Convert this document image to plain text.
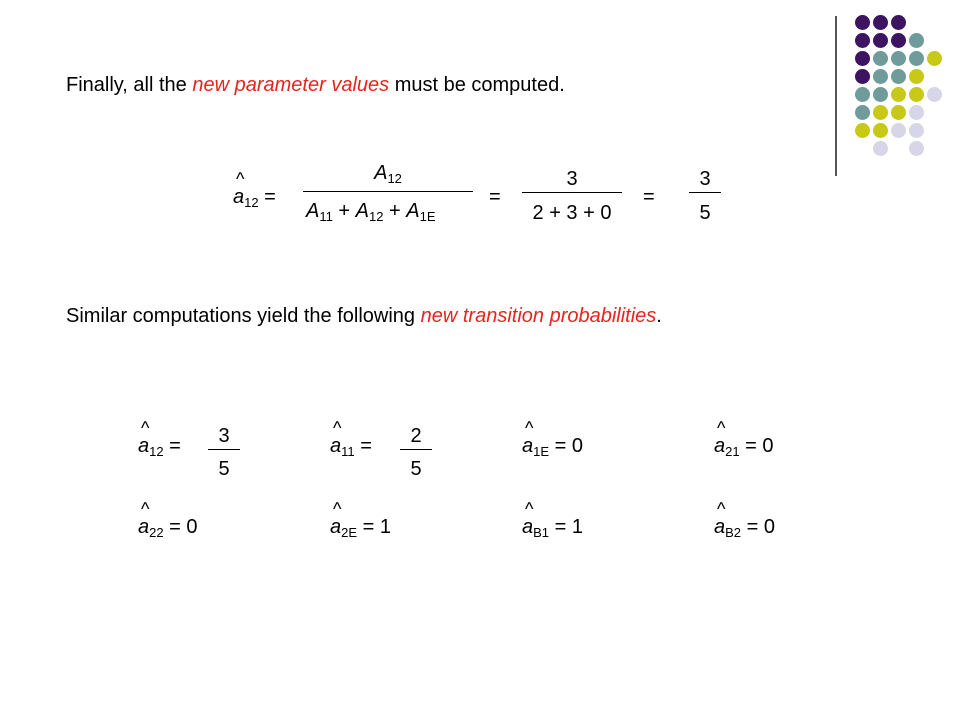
Finally, all the new parameter values must be computed.
^
$a_{12}$ =
$A_{12}$
$A_{11} + A_{12} + A_{1E}$
=
3
2 + 3 + 0
=
3
5
Similar computations yield the following new transition probabilities.
^
$a_{12}$ =	3
5
^
$a_{11}$ =	2
5
^
$a_{1E} = 0$
^
$a_{21} = 0$
^
$a_{22} = 0$
^
$a_{2E} = 1$
^
$a_{B1} = 1$
^
$a_{B2} = 0$
